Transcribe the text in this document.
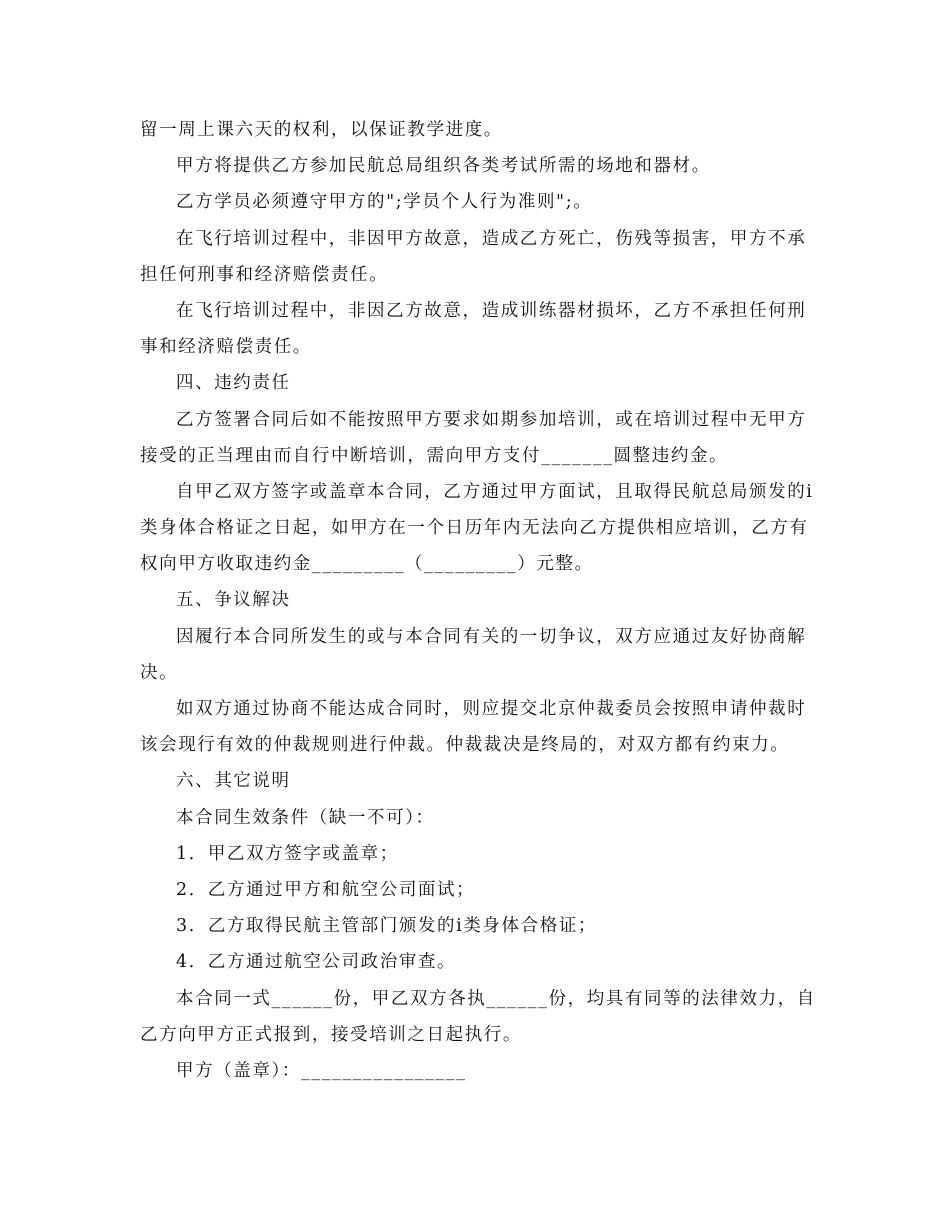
留一周上课六天的权利，以保证教学进度。

甲方将提供乙方参加民航总局组织各类考试所需的场地和器材。

乙方学员必须遵守甲方的";学员个人行为准则";。

在飞行培训过程中，非因甲方故意，造成乙方死亡，伤残等损害，甲方不承

担任何刑事和经济赔偿责任。

在飞行培训过程中，非因乙方故意，造成训练器材损坏，乙方不承担任何刑

事和经济赔偿责任。

四、违约责任

乙方签署合同后如不能按照甲方要求如期参加培训，或在培训过程中无甲方

接受的正当理由而自行中断培训，需向甲方支付_______圆整违约金。

自甲乙双方签字或盖章本合同，乙方通过甲方面试，且取得民航总局颁发的i

类身体合格证之日起，如甲方在一个日历年内无法向乙方提供相应培训，乙方有

权向甲方收取违约金_________（_________）元整。

五、争议解决

因履行本合同所发生的或与本合同有关的一切争议，双方应通过友好协商解

决。

如双方通过协商不能达成合同时，则应提交北京仲裁委员会按照申请仲裁时

该会现行有效的仲裁规则进行仲裁。仲裁裁决是终局的，对双方都有约束力。

六、其它说明

本合同生效条件（缺一不可）：

1．甲乙双方签字或盖章；

2．乙方通过甲方和航空公司面试；

3．乙方取得民航主管部门颁发的i类身体合格证；

4．乙方通过航空公司政治审查。

本合同一式______份，甲乙双方各执______份，均具有同等的法律效力，自

乙方向甲方正式报到，接受培训之日起执行。

甲方（盖章）：________________
